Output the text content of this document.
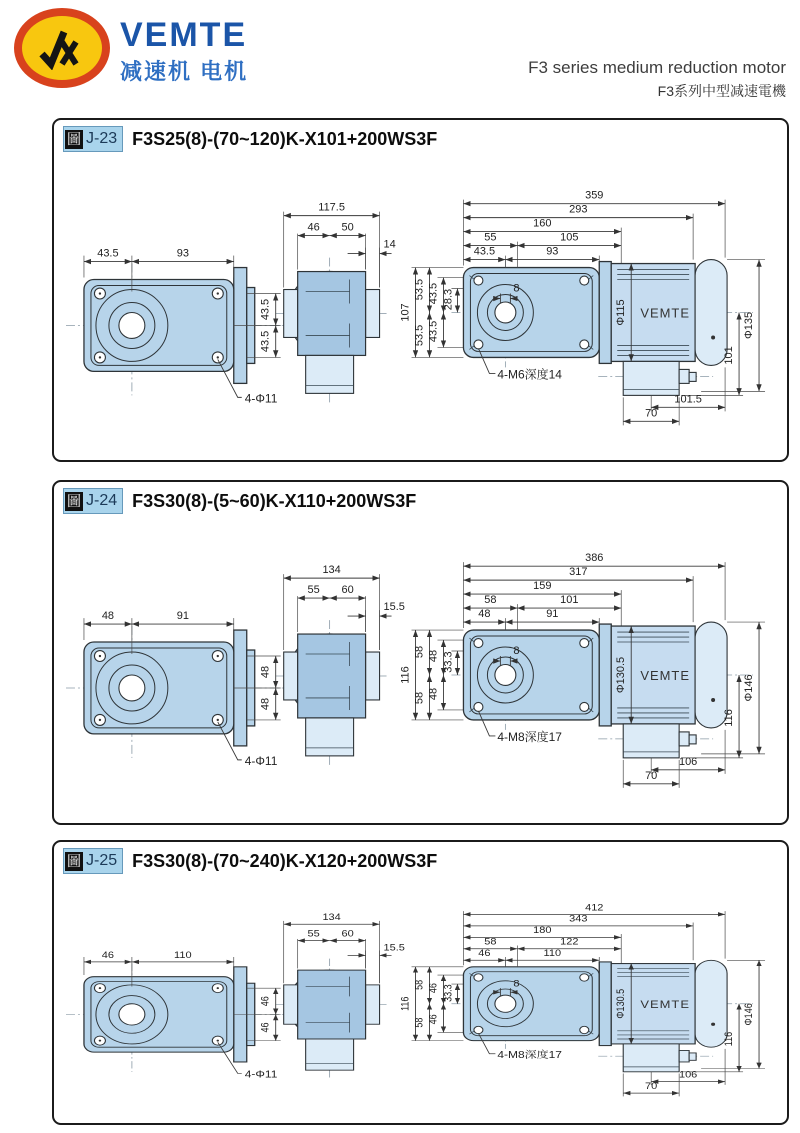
VEMTE
减速机 电机	F3 series medium reduction motor
F3系列中型减速電機
圖 J-23 F3S25(8)-(70~120)K-X101+200WS3F
43.5	93
43.5
43.5
4-Φ11
117.5
46 50
14
107
53.5
53.5
43.5
43.5
28.3
8
43.5	93
55	105
160
293
359
Φ115 VEMTE	Φ135
101
4-M6深度14
101.5
70
圖 J-24 F3S30(8)-(5~60)K-X110+200WS3F
48	91
48
48
4-Φ11
134
55 60
15.5
116
58
58
48
48
33.3
8
48	91
58	101
159
317
386
Φ130.5 VEMTE	Φ146
116
4-M8深度17
106
70
圖 J-25 F3S30(8)-(70~240)K-X120+200WS3F
46	110
46
46
4-Φ11
134
55 60
15.5
116
58
58
46
46
33.3
8
46	110
58	122
180
343
412
Φ130.5 VEMTE	Φ146
116
4-M8深度17
106
70
